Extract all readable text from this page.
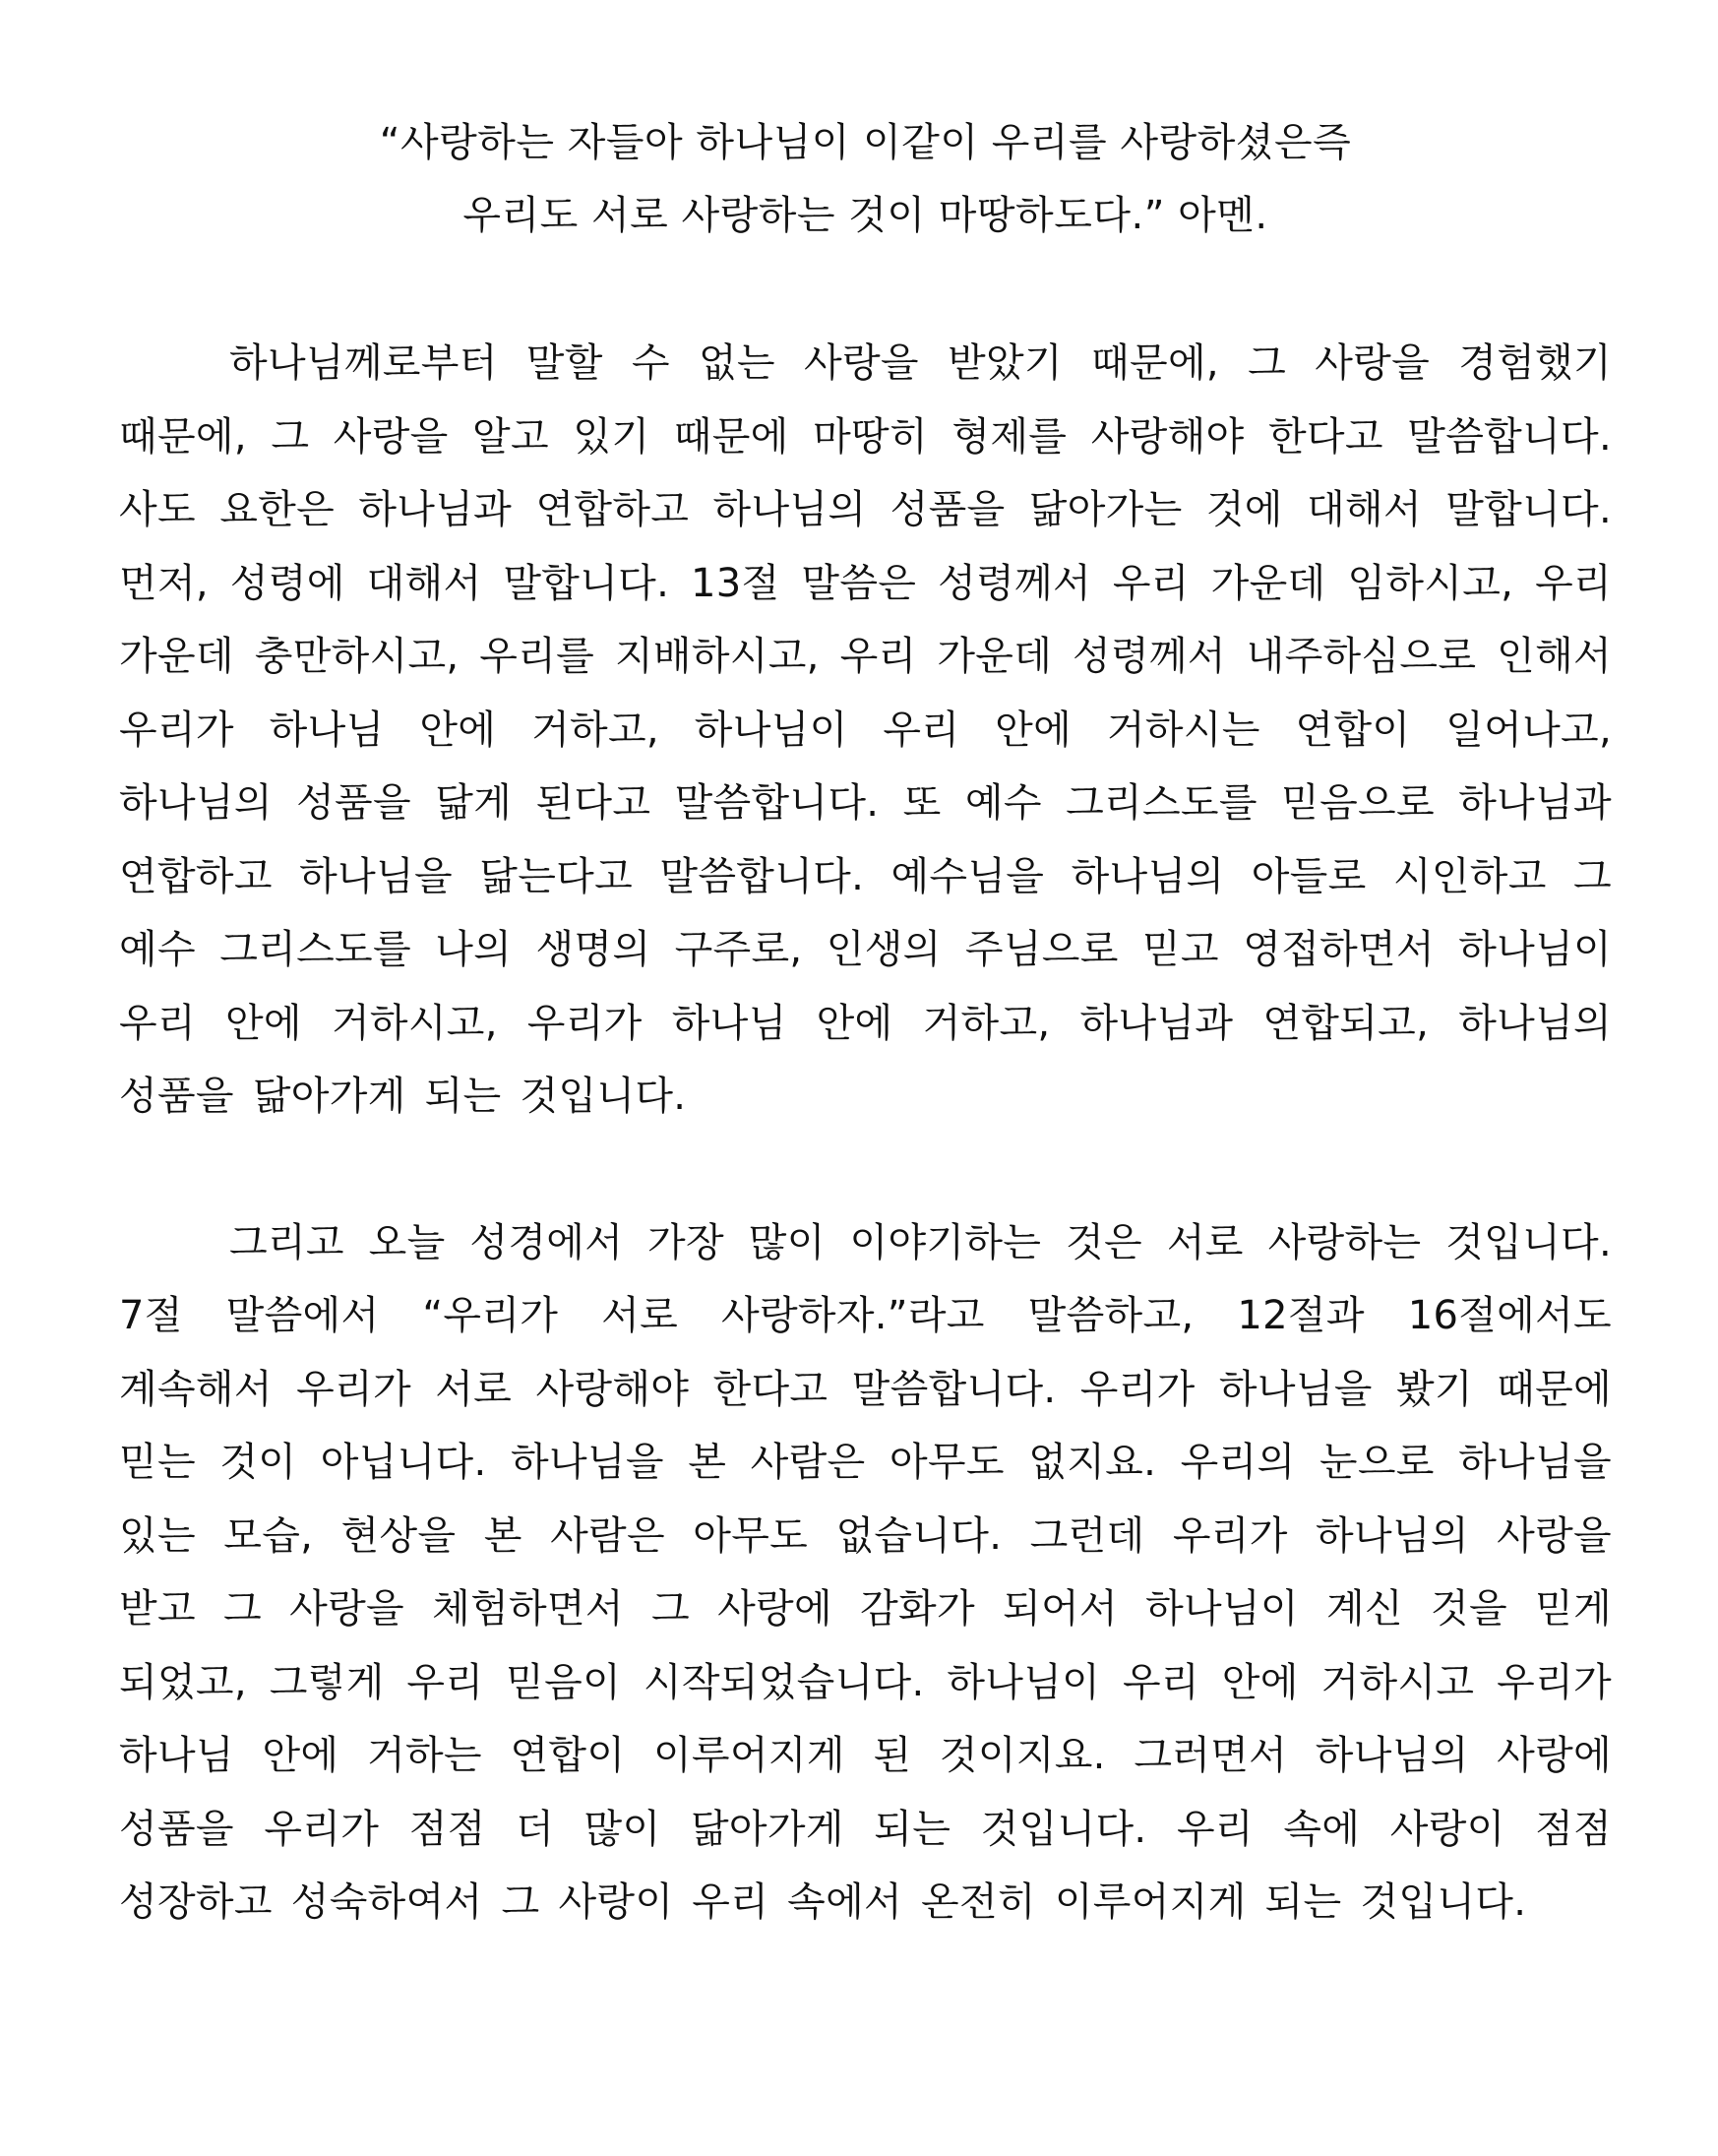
“사랑하는 자들아 하나님이 이같이 우리를 사랑하셨은즉
우리도 서로 사랑하는 것이 마땅하도다.” 아멘.

하나님께로부터 말할 수 없는 사랑을 받았기 때문에, 그 사랑을 경험했기 때문에, 그 사랑을 알고 있기 때문에 마땅히 형제를 사랑해야 한다고 말씀합니다. 사도 요한은 하나님과 연합하고 하나님의 성품을 닮아가는 것에 대해서 말합니다. 먼저, 성령에 대해서 말합니다. 13절 말씀은 성령께서 우리 가운데 임하시고, 우리 가운데 충만하시고, 우리를 지배하시고, 우리 가운데 성령께서 내주하심으로 인해서 우리가 하나님 안에 거하고, 하나님이 우리 안에 거하시는 연합이 일어나고, 하나님의 성품을 닮게 된다고 말씀합니다. 또 예수 그리스도를 믿음으로 하나님과 연합하고 하나님을 닮는다고 말씀합니다. 예수님을 하나님의 아들로 시인하고 그 예수 그리스도를 나의 생명의 구주로, 인생의 주님으로 믿고 영접하면서 하나님이 우리 안에 거하시고, 우리가 하나님 안에 거하고, 하나님과 연합되고, 하나님의 성품을 닮아가게 되는 것입니다.

그리고 오늘 성경에서 가장 많이 이야기하는 것은 서로 사랑하는 것입니다. 7절 말씀에서 “우리가 서로 사랑하자.”라고 말씀하고, 12절과 16절에서도 계속해서 우리가 서로 사랑해야 한다고 말씀합니다. 우리가 하나님을 봤기 때문에 믿는 것이 아닙니다. 하나님을 본 사람은 아무도 없지요. 우리의 눈으로 하나님을 있는 모습, 현상을 본 사람은 아무도 없습니다. 그런데 우리가 하나님의 사랑을 받고 그 사랑을 체험하면서 그 사랑에 감화가 되어서 하나님이 계신 것을 믿게 되었고, 그렇게 우리 믿음이 시작되었습니다. 하나님이 우리 안에 거하시고 우리가 하나님 안에 거하는 연합이 이루어지게 된 것이지요. 그러면서 하나님의 사랑에 성품을 우리가 점점 더 많이 닮아가게 되는 것입니다. 우리 속에 사랑이 점점 성장하고 성숙하여서 그 사랑이 우리 속에서 온전히 이루어지게 되는 것입니다.
